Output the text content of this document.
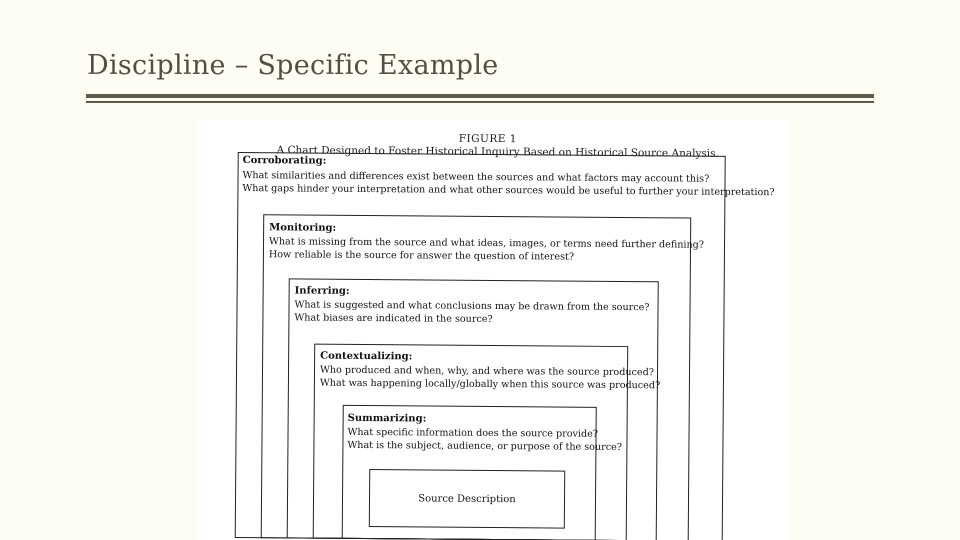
Discipline – Specific Example
FIGURE 1
A Chart Designed to Foster Historical Inquiry Based on Historical Source Analysis.
Corroborating:
What similarities and differences exist between the sources and what factors may account this?
What gaps hinder your interpretation and what other sources would be useful to further your interpretation?
Monitoring:
What is missing from the source and what ideas, images, or terms need further defining?
How reliable is the source for answer the question of interest?
Inferring:
What is suggested and what conclusions may be drawn from the source?
What biases are indicated in the source?
Contextualizing:
Who produced and when, why, and where was the source produced?
What was happening locally/globally when this source was produced?
Summarizing:
What specific information does the source provide?
What is the subject, audience, or purpose of the source?
Source Description
